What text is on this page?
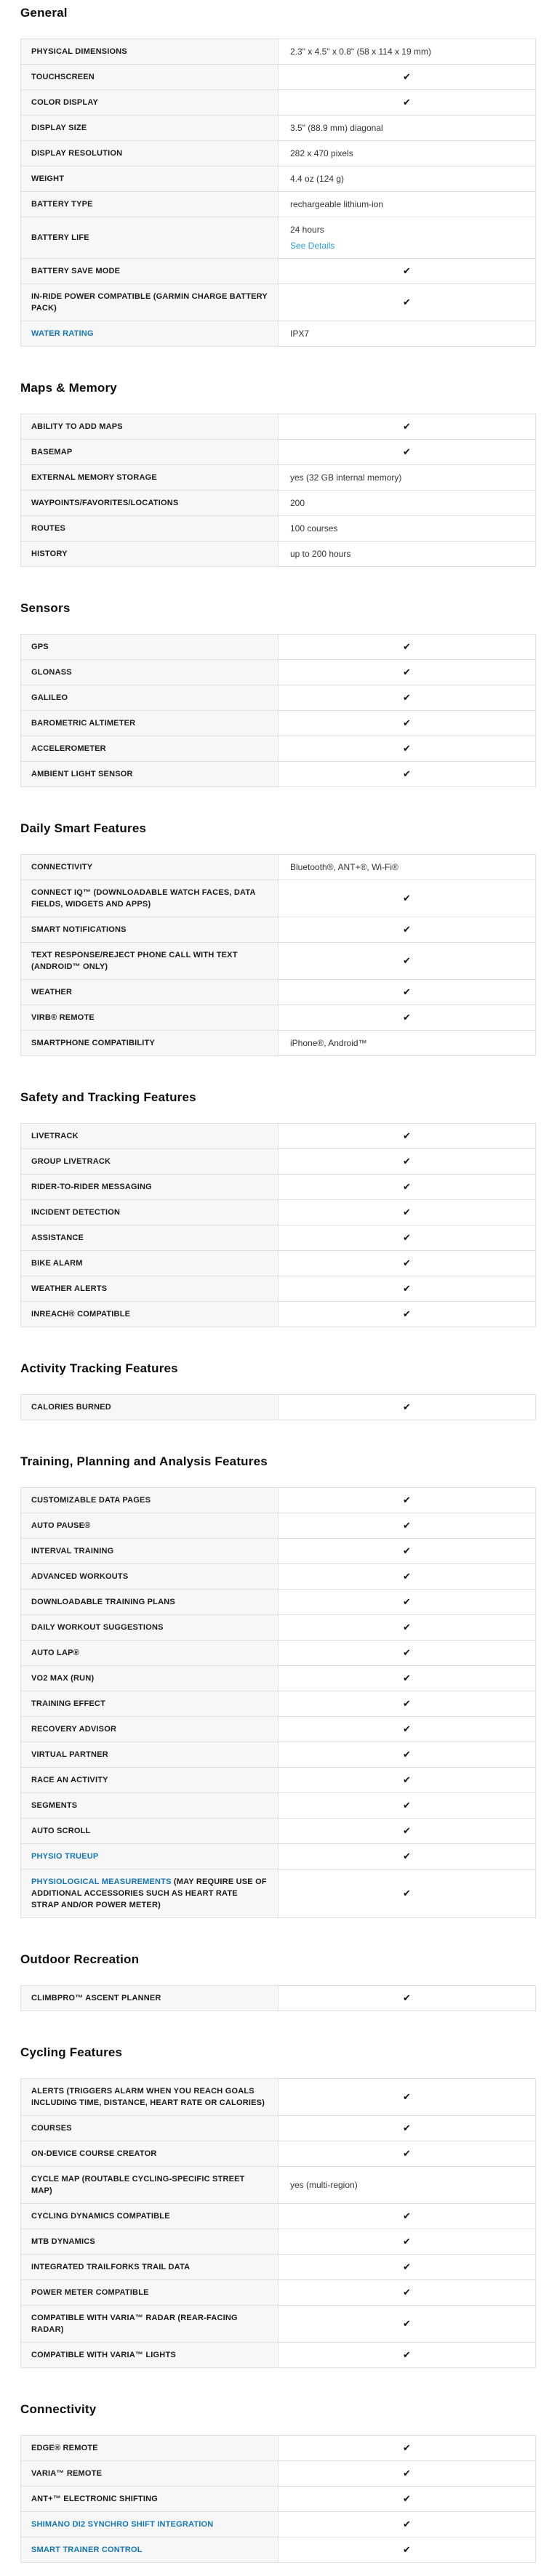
General
PHYSICAL DIMENSIONS	2.3" x 4.5" x 0.8" (58 x 114 x 19 mm)

TOUCHSCREEN	✔
COLOR DISPLAY	✔
DISPLAY SIZE	3.5" (88.9 mm) diagonal

DISPLAY RESOLUTION	282 x 470 pixels

WEIGHT	4.4 oz (124 g)

BATTERY TYPE	rechargeable lithium-ion

BATTERY LIFE	24 hours
See Details

BATTERY SAVE MODE	✔
IN-RIDE POWER COMPATIBLE (GARMIN CHARGE BATTERY PACK)	✔
WATER RATING	IPX7
Maps & Memory
ABILITY TO ADD MAPS	✔
BASEMAP	✔
EXTERNAL MEMORY STORAGE	yes (32 GB internal memory)

WAYPOINTS/FAVORITES/LOCATIONS	200

ROUTES	100 courses

HISTORY	up to 200 hours
Sensors
GPS	✔
GLONASS	✔
GALILEO	✔
BAROMETRIC ALTIMETER	✔
ACCELEROMETER	✔
AMBIENT LIGHT SENSOR	✔
Daily Smart Features
CONNECTIVITY	Bluetooth®, ANT+®, Wi-Fi®

CONNECT IQ™ (DOWNLOADABLE WATCH FACES, DATA FIELDS, WIDGETS AND APPS)	✔
SMART NOTIFICATIONS	✔
TEXT RESPONSE/REJECT PHONE CALL WITH TEXT (ANDROID™ ONLY)	✔
WEATHER	✔
VIRB® REMOTE	✔
SMARTPHONE COMPATIBILITY	iPhone®, Android™
Safety and Tracking Features
LIVETRACK	✔
GROUP LIVETRACK	✔
RIDER-TO-RIDER MESSAGING	✔
INCIDENT DETECTION	✔
ASSISTANCE	✔
BIKE ALARM	✔
WEATHER ALERTS	✔
INREACH® COMPATIBLE	✔
Activity Tracking Features
CALORIES BURNED	✔
Training, Planning and Analysis Features
CUSTOMIZABLE DATA PAGES	✔
AUTO PAUSE®	✔
INTERVAL TRAINING	✔
ADVANCED WORKOUTS	✔
DOWNLOADABLE TRAINING PLANS	✔
DAILY WORKOUT SUGGESTIONS	✔
AUTO LAP®	✔
VO2 MAX (RUN)	✔
TRAINING EFFECT	✔
RECOVERY ADVISOR	✔
VIRTUAL PARTNER	✔
RACE AN ACTIVITY	✔
SEGMENTS	✔
AUTO SCROLL	✔
PHYSIO TRUEUP	✔
PHYSIOLOGICAL MEASUREMENTS (MAY REQUIRE USE OF ADDITIONAL ACCESSORIES SUCH AS HEART RATE STRAP AND/OR POWER METER)	✔
Outdoor Recreation
CLIMBPRO™ ASCENT PLANNER	✔
Cycling Features
ALERTS (TRIGGERS ALARM WHEN YOU REACH GOALS INCLUDING TIME, DISTANCE, HEART RATE OR CALORIES)	✔
COURSES	✔
ON-DEVICE COURSE CREATOR	✔
CYCLE MAP (ROUTABLE CYCLING-SPECIFIC STREET MAP)	yes (multi-region)

CYCLING DYNAMICS COMPATIBLE	✔
MTB DYNAMICS	✔
INTEGRATED TRAILFORKS TRAIL DATA	✔
POWER METER COMPATIBLE	✔
COMPATIBLE WITH VARIA™ RADAR (REAR-FACING RADAR)	✔
COMPATIBLE WITH VARIA™ LIGHTS	✔
Connectivity
EDGE® REMOTE	✔
VARIA™ REMOTE	✔
ANT+™ ELECTRONIC SHIFTING	✔
SHIMANO DI2 SYNCHRO SHIFT INTEGRATION	✔
SMART TRAINER CONTROL	✔
